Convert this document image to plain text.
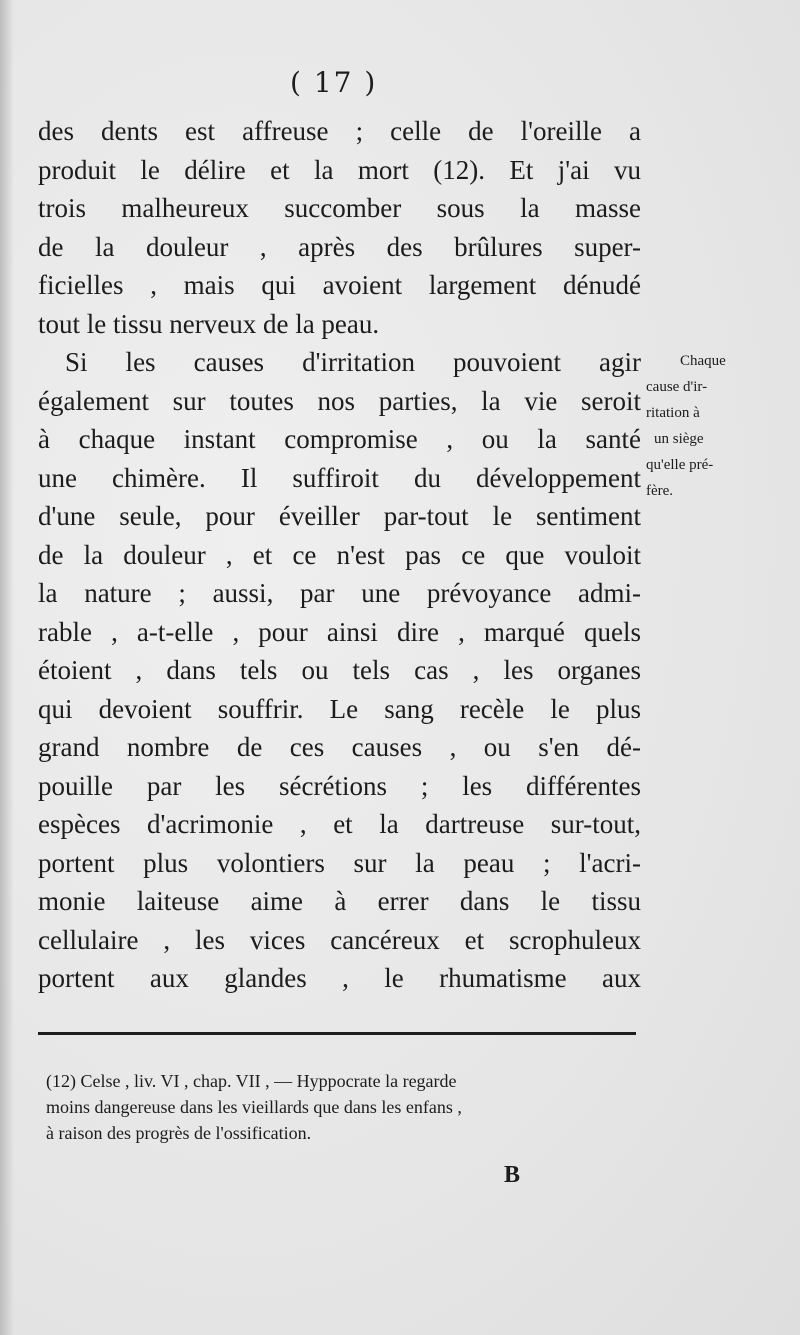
( 17 )
des dents est affreuse ; celle de l'oreille a
produit le délire et la mort (12). Et j'ai vu
trois malheureux succomber sous la masse
de la douleur , après des brûlures super-
ficielles , mais qui avoient largement dénudé
tout le tissu nerveux de la peau.
Si les causes d'irritation pouvoient agir
également sur toutes nos parties, la vie seroit
à chaque instant compromise , ou la santé
une chimère. Il suffiroit du développement
d'une seule, pour éveiller par-tout le sentiment
de la douleur , et ce n'est pas ce que vouloit
la nature ; aussi, par une prévoyance admi-
rable , a-t-elle , pour ainsi dire , marqué quels
étoient , dans tels ou tels cas , les organes
qui devoient souffrir. Le sang recèle le plus
grand nombre de ces causes , ou s'en dé-
pouille par les sécrétions ; les différentes
espèces d'acrimonie , et la dartreuse sur-tout,
portent plus volontiers sur la peau ; l'acri-
monie laiteuse aime à errer dans le tissu
cellulaire , les vices cancéreux et scrophuleux
portent aux glandes , le rhumatisme aux
Chaque
cause d'ir-
ritation à
un siège
qu'elle pré-
fère.
(12) Celse , liv. VI , chap. VII , — Hyppocrate la regarde
moins dangereuse dans les vieillards que dans les enfans ,
à raison des progrès de l'ossification.
B
